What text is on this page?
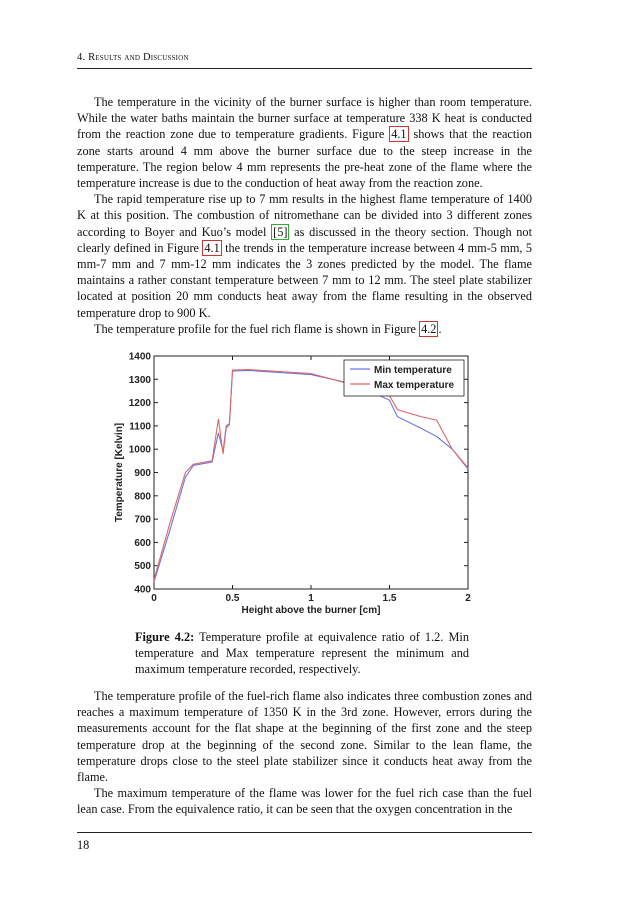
4. Results and Discussion

The temperature in the vicinity of the burner surface is higher than room temperature. While the water baths maintain the burner surface at temperature 338 K heat is conducted from the reaction zone due to temperature gradients. Figure 4.1 shows that the reaction zone starts around 4 mm above the burner surface due to the steep increase in the temperature. The region below 4 mm represents the pre-heat zone of the flame where the temperature increase is due to the conduction of heat away from the reaction zone.

The rapid temperature rise up to 7 mm results in the highest flame temperature of 1400 K at this position. The combustion of nitromethane can be divided into 3 different zones according to Boyer and Kuo’s model [5] as discussed in the theory section. Though not clearly defined in Figure 4.1 the trends in the temperature increase between 4 mm-5 mm, 5 mm-7 mm and 7 mm-12 mm indicates the 3 zones predicted by the model. The flame maintains a rather constant temperature between 7 mm to 12 mm. The steel plate stabilizer located at position 20 mm conducts heat away from the flame resulting in the observed temperature drop to 900 K.

The temperature profile for the fuel rich flame is shown in Figure 4.2 .

0	0.5	1	1.5	2
400
500
600
700
800
900
1000
1100
1200
1300
1400
Height above the burner [cm]
Temperature [Kelvin]
Min temperature
Max temperature
Figure 4.2: Temperature profile at equivalence ratio of 1.2. Min temperature and Max temperature represent the minimum and maximum temperature recorded, respectively.

The temperature profile of the fuel-rich flame also indicates three combustion zones and reaches a maximum temperature of 1350 K in the 3rd zone. However, errors during the measurements account for the flat shape at the beginning of the first zone and the steep temperature drop at the beginning of the second zone. Similar to the lean flame, the temperature drops close to the steel plate stabilizer since it conducts heat away from the flame.

The maximum temperature of the flame was lower for the fuel rich case than the fuel lean case. From the equivalence ratio, it can be seen that the oxygen concentration in the

18
